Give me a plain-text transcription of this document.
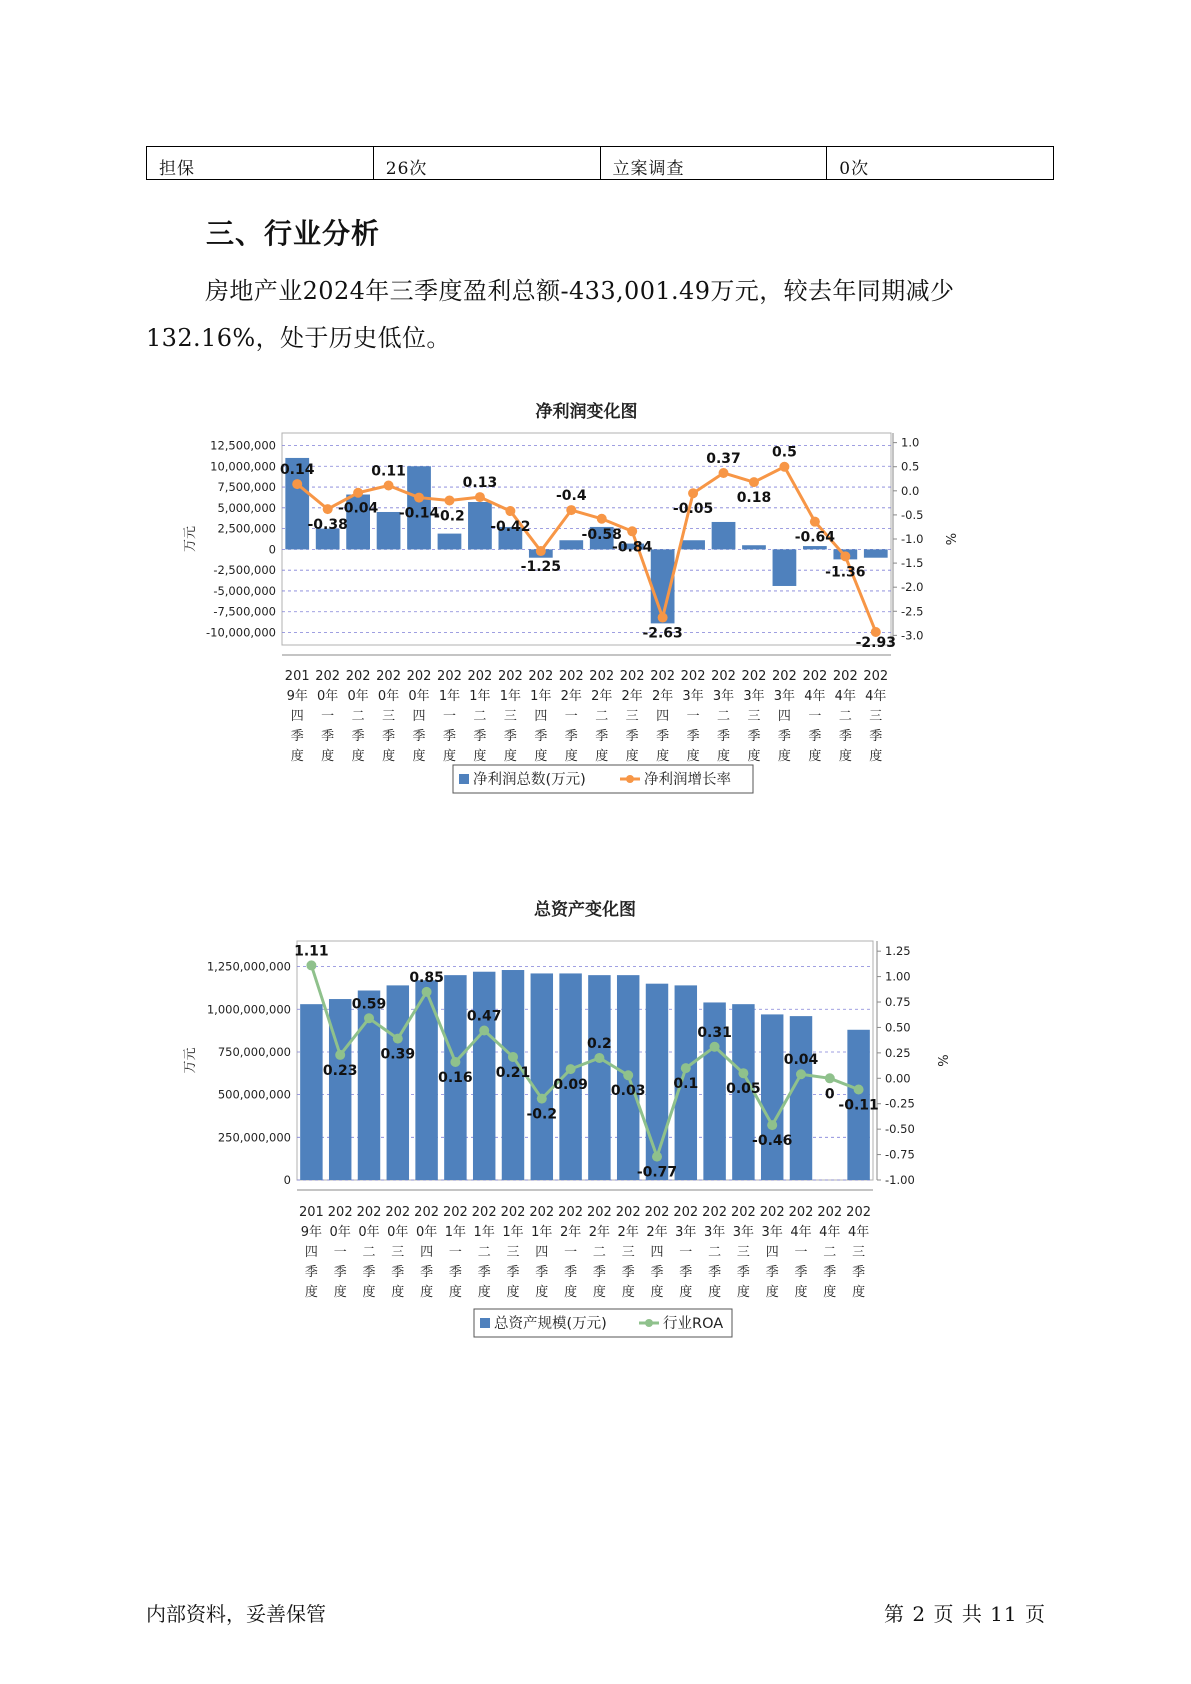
担保	26次	立案调查	0次
三、行业分析

房地产业2024年三季度盈利总额-433,001.49万元，较去年同期减少132.16%，处于历史低位。

净利润变化图
12,500,000
10,000,000
7,500,000
5,000,000
2,500,000
0
-2,500,000
-5,000,000
-7,500,000
-10,000,000
1.0
0.5
0.0
-0.5
-1.0
-1.5
-2.0
-2.5
-3.0
万元	%
0.14
-0.38
-0.04
0.11
-0.14
-0.2
0.13
-0.42
-1.25
-0.4
-0.58
-0.84
-2.63
-0.05
0.37
0.18
0.5
-0.64
-1.36
-2.93
201
9年
四
季
度
202
0年
一
季
度
202
0年
二
季
度
202
0年
三
季
度
202
0年
四
季
度
202
1年
一
季
度
202
1年
二
季
度
202
1年
三
季
度
202
1年
四
季
度
202
2年
一
季
度
202
2年
二
季
度
202
2年
三
季
度
202
2年
四
季
度
202
3年
一
季
度
202
3年
二
季
度
202
3年
三
季
度
202
3年
四
季
度
202
4年
一
季
度
202
4年
二
季
度
202
4年
三
季
度
净利润总数(万元)	净利润增长率
总资产变化图
1,250,000,000
1,000,000,000
750,000,000
500,000,000
250,000,000
0
1.25
1.00
0.75
0.50
0.25
0.00
-0.25
-0.50
-0.75
-1.00
万元	%
1.11
0.23
0.59
0.39
0.85
0.16
0.47
0.21
-0.2
0.09
0.2
0.03
-0.77
0.1
0.31
0.05
-0.46
0.04
0
-0.11
201
9年
四
季
度
202
0年
一
季
度
202
0年
二
季
度
202
0年
三
季
度
202
0年
四
季
度
202
1年
一
季
度
202
1年
二
季
度
202
1年
三
季
度
202
1年
四
季
度
202
2年
一
季
度
202
2年
二
季
度
202
2年
三
季
度
202
2年
四
季
度
202
3年
一
季
度
202
3年
二
季
度
202
3年
三
季
度
202
3年
四
季
度
202
4年
一
季
度
202
4年
二
季
度
202
4年
三
季
度
总资产规模(万元)	行业ROA

内部资料，妥善保管	第 2 页 共 11 页
